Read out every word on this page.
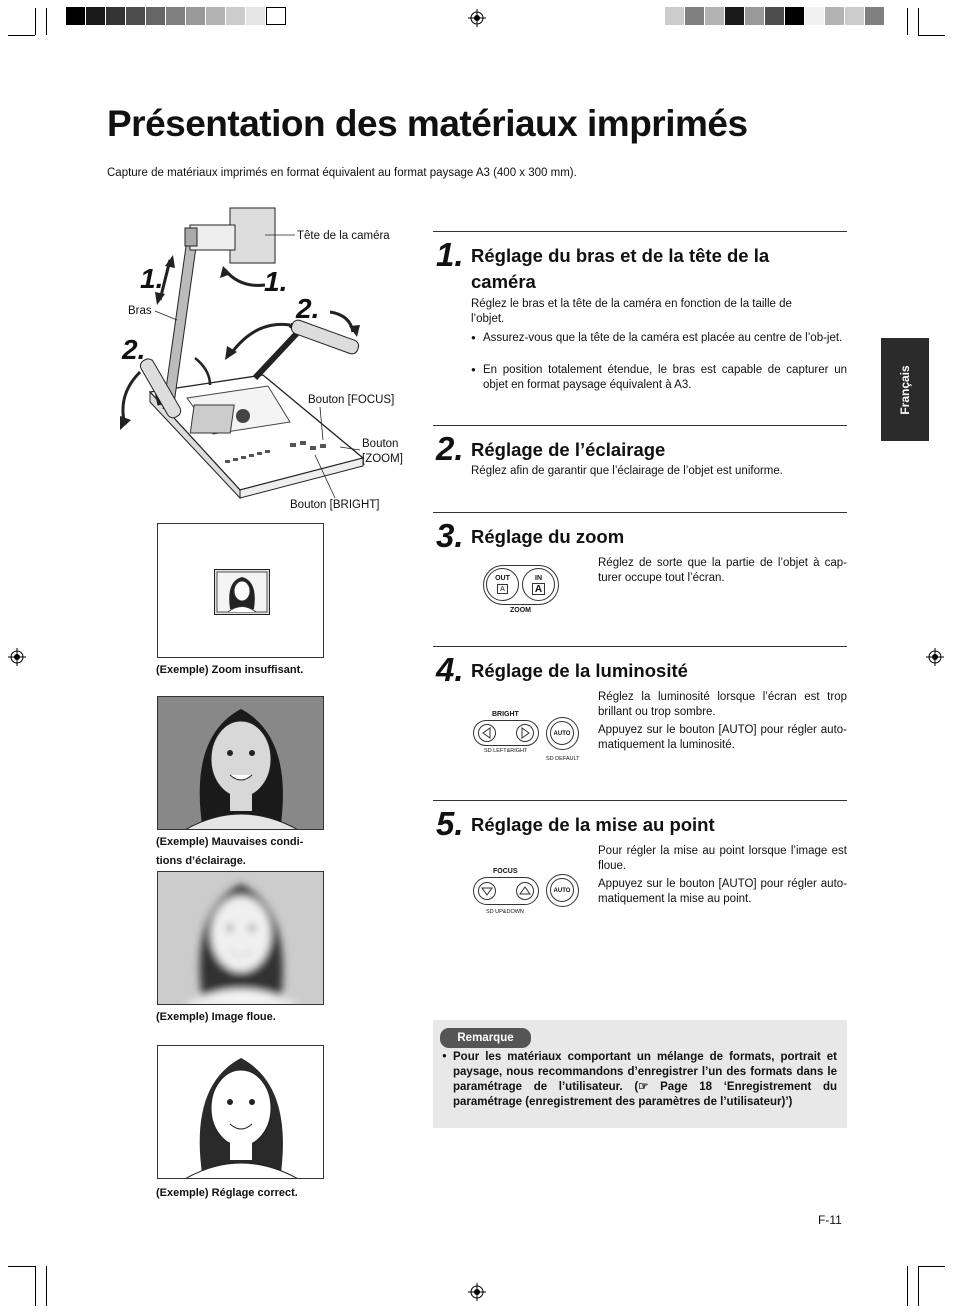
Présentation des matériaux imprimés
Capture de matériaux imprimés en format équivalent au format paysage A3 (400 x 300 mm).
Français
1.	1.
2.
2.
Tête de la caméra
Bras
Bouton [FOCUS]
Bouton
[ZOOM]
Bouton [BRIGHT]
(Exemple) Zoom insuffisant.
(Exemple) Mauvaises condi-
tions d’éclairage.
(Exemple) Image floue.
(Exemple) Réglage correct.
1. Réglage du bras et de la tête de la caméra
Réglez le bras et la tête de la caméra en fonction de la taille de l’objet.
● Assurez-vous que la tête de la caméra est placée au centre de l’ob-jet.
● En position totalement étendue, le bras est capable de capturer un objet en format paysage équivalent à A3.
2. Réglage de l’éclairage
Réglez afin de garantir que l’éclairage de l’objet est uniforme.
3. Réglage du zoom
Réglez de sorte que la partie de l’objet à cap-turer occupe tout l’écran.
OUT
A
IN
A
ZOOM
4. Réglage de la luminosité
Réglez la luminosité lorsque l’écran est trop brillant ou trop sombre.
Appuyez sur le bouton [AUTO] pour régler auto-matiquement la luminosité.
BRIGHT
AUTO
SD LEFT&RIGHT
SD DEFAULT
5. Réglage de la mise au point
Pour régler la mise au point lorsque l’image est floue.
Appuyez sur le bouton [AUTO] pour régler auto-matiquement la mise au point.
FOCUS
AUTO
SD UP&DOWN
Remarque
● Pour les matériaux comportant un mélange de formats, portrait et paysage, nous recommandons d’enregistrer l’un des formats dans le paramétrage de l’utilisateur. (☞ Page 18 ‘Enregistrement du paramétrage (enregistrement des paramètres de l’utilisateur)’)
F-11
